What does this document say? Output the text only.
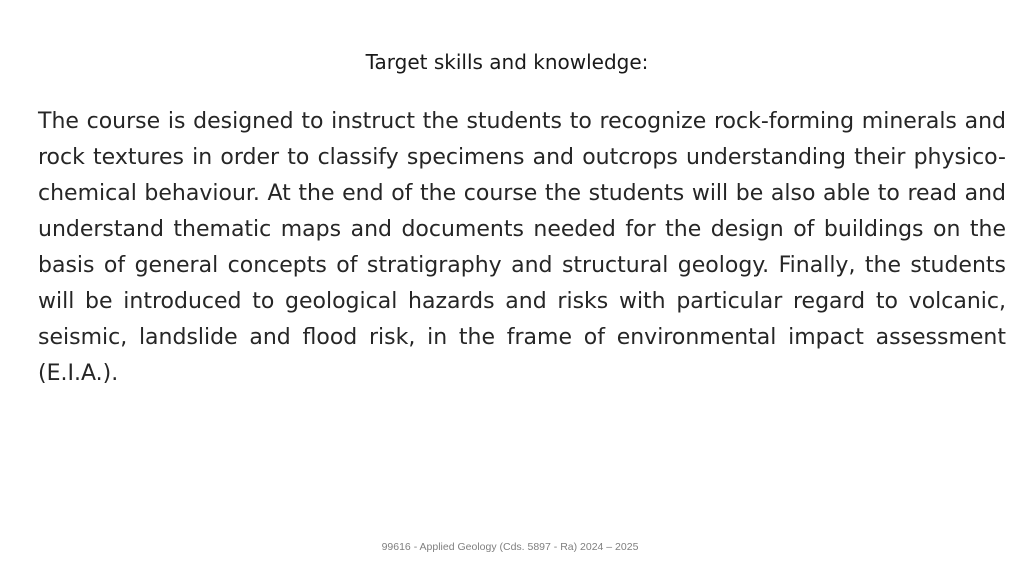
Target skills and knowledge:

The course is designed to instruct the students to recognize rock-forming minerals and rock textures in order to classify specimens and outcrops understanding their physico-chemical behaviour. At the end of the course the students will be also able to read and understand thematic maps and documents needed for the design of buildings on the basis of general concepts of stratigraphy and structural geology. Finally, the students will be introduced to geological hazards and risks with particular regard to volcanic, seismic, landslide and flood risk, in the frame of environmental impact assessment (E.I.A.).

99616 - Applied Geology (Cds. 5897 - Ra) 2024 – 2025
